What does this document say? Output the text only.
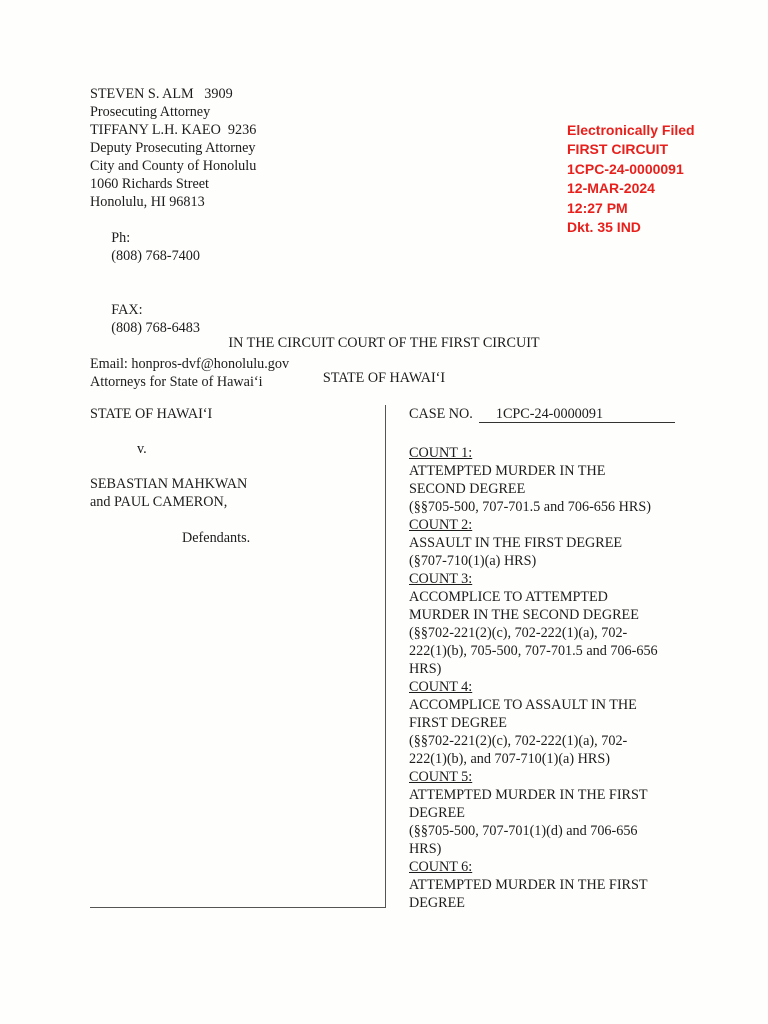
STEVEN S. ALM   3909
Prosecuting Attorney
TIFFANY L.H. KAEO  9236
Deputy Prosecuting Attorney
City and County of Honolulu
1060 Richards Street
Honolulu, HI 96813

Ph:
(808) 768-7400

FAX:
(808) 768-6483

Email: honpros-dvf@honolulu.gov
Attorneys for State of Hawai‘i
Electronically Filed
FIRST CIRCUIT
1CPC-24-0000091
12-MAR-2024
12:27 PM
Dkt. 35 IND
IN THE CIRCUIT COURT OF THE FIRST CIRCUIT
STATE OF HAWAI‘I
STATE OF HAWAI‘I
v.
SEBASTIAN MAHKWAN
and PAUL CAMERON,
Defendants.
CASE NO.	1CPC-24-0000091
COUNT 1:
ATTEMPTED MURDER IN THE
SECOND DEGREE
(§§705-500, 707-701.5 and 706-656 HRS)
COUNT 2:
ASSAULT IN THE FIRST DEGREE
(§707-710(1)(a) HRS)
COUNT 3:
ACCOMPLICE TO ATTEMPTED
MURDER IN THE SECOND DEGREE
(§§702-221(2)(c), 702-222(1)(a), 702-
222(1)(b), 705-500, 707-701.5 and 706-656
HRS)
COUNT 4:
ACCOMPLICE TO ASSAULT IN THE
FIRST DEGREE
(§§702-221(2)(c), 702-222(1)(a), 702-
222(1)(b), and 707-710(1)(a) HRS)
COUNT 5:
ATTEMPTED MURDER IN THE FIRST
DEGREE
(§§705-500, 707-701(1)(d) and 706-656
HRS)
COUNT 6:
ATTEMPTED MURDER IN THE FIRST
DEGREE
